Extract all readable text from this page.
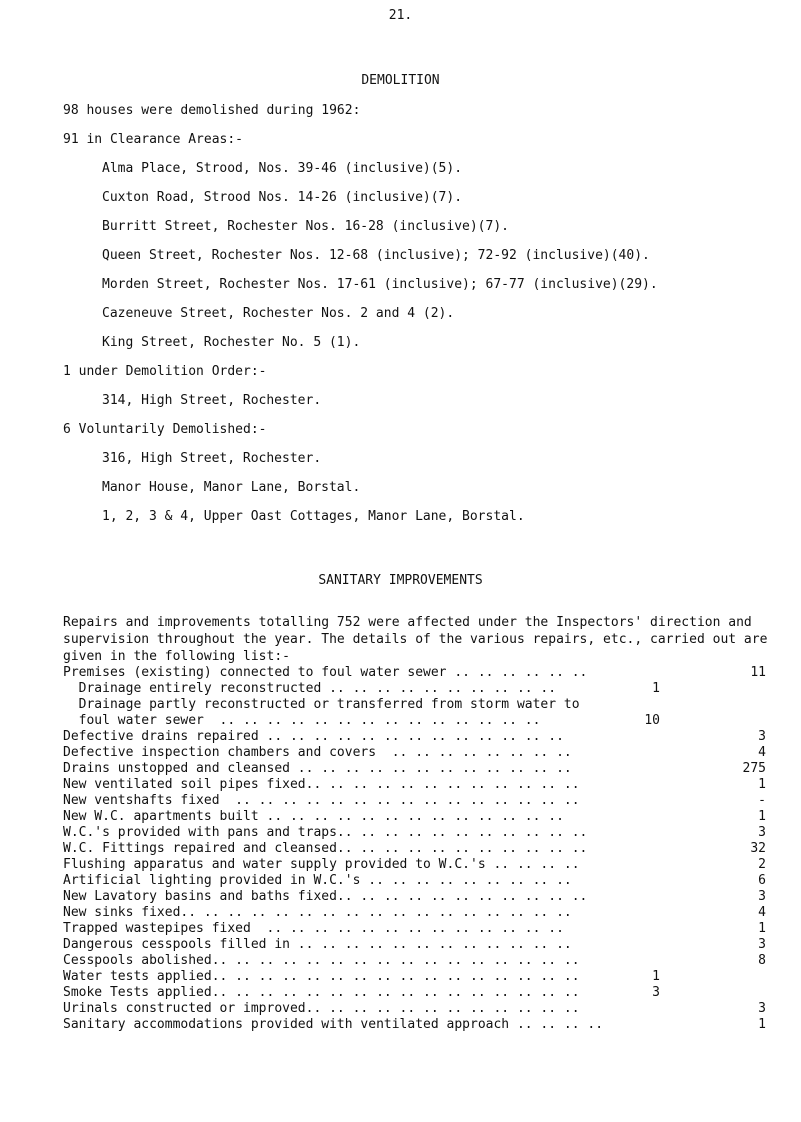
21.
DEMOLITION
98 houses were demolished during 1962:
91 in Clearance Areas:-
Alma Place, Strood, Nos. 39-46 (inclusive)(5).
Cuxton Road, Strood Nos. 14-26 (inclusive)(7).
Burritt Street, Rochester Nos. 16-28 (inclusive)(7).
Queen Street, Rochester Nos. 12-68 (inclusive); 72-92 (inclusive)(40).
Morden Street, Rochester Nos. 17-61 (inclusive); 67-77 (inclusive)(29).
Cazeneuve Street, Rochester Nos. 2 and 4 (2).
King Street, Rochester No. 5 (1).
1 under Demolition Order:-
314, High Street, Rochester.
6 Voluntarily Demolished:-
316, High Street, Rochester.
Manor House, Manor Lane, Borstal.
1, 2, 3 & 4, Upper Oast Cottages, Manor Lane, Borstal.
SANITARY IMPROVEMENTS
Repairs and improvements totalling 752 were affected under the Inspectors' direction and supervision throughout the year. The details of the various repairs, etc., carried out are given in the following list:-
Premises (existing) connected to foul water sewer .. .. .. .. .. ..	11
Drainage entirely reconstructed .. .. .. .. .. .. .. .. .. ..	1
Drainage partly reconstructed or transferred from storm water to
foul water sewer  .. .. .. .. .. .. .. .. .. .. .. .. .. ..	10
Defective drains repaired .. .. .. .. .. .. .. .. .. .. .. .. ..	3
Defective inspection chambers and covers  .. .. .. .. .. .. .. ..	4
Drains unstopped and cleansed .. .. .. .. .. .. .. .. .. .. .. ..	275
New ventilated soil pipes fixed.. .. .. .. .. .. .. .. .. .. .. ..	1
New ventshafts fixed  .. .. .. .. .. .. .. .. .. .. .. .. .. .. ..	-
New W.C. apartments built .. .. .. .. .. .. .. .. .. .. .. .. ..	1
W.C.'s provided with pans and traps.. .. .. .. .. .. .. .. .. .. ..	3
W.C. Fittings repaired and cleansed.. .. .. .. .. .. .. .. .. .. ..	32
Flushing apparatus and water supply provided to W.C.'s .. .. .. ..	2
Artificial lighting provided in W.C.'s .. .. .. .. .. .. .. .. ..	6
New Lavatory basins and baths fixed.. .. .. .. .. .. .. .. .. .. ..	3
New sinks fixed.. .. .. .. .. .. .. .. .. .. .. .. .. .. .. .. ..	4
Trapped wastepipes fixed  .. .. .. .. .. .. .. .. .. .. .. .. ..	1
Dangerous cesspools filled in .. .. .. .. .. .. .. .. .. .. .. ..	3
Cesspools abolished.. .. .. .. .. .. .. .. .. .. .. .. .. .. .. ..	8
Water tests applied.. .. .. .. .. .. .. .. .. .. .. .. .. .. .. ..	1
Smoke Tests applied.. .. .. .. .. .. .. .. .. .. .. .. .. .. .. ..	3
Urinals constructed or improved.. .. .. .. .. .. .. .. .. .. .. ..	3
Sanitary accommodations provided with ventilated approach .. .. .. ..	1
